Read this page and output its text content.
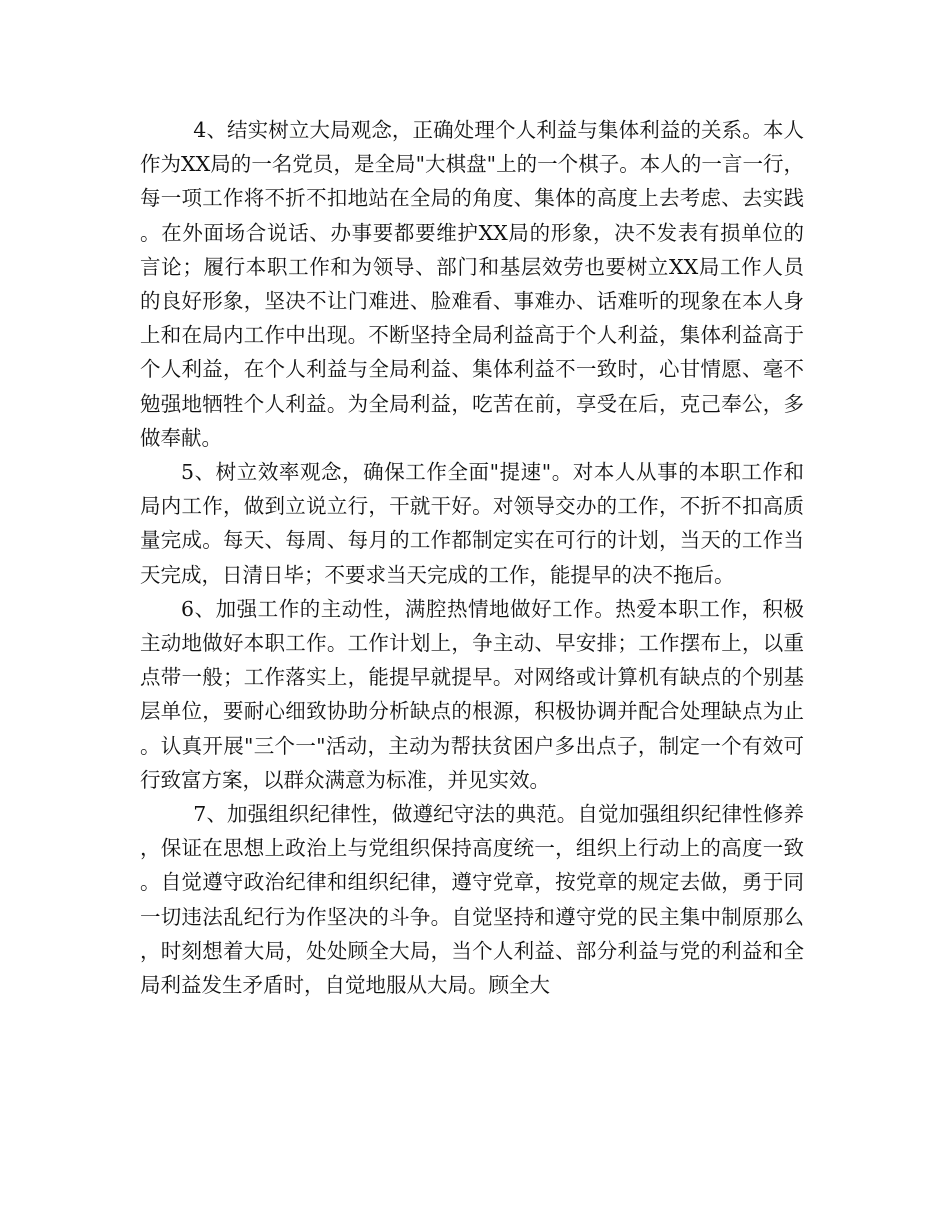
4、结实树立大局观念，正确处理个人利益与集体利益的关系。本人作为XX局的一名党员，是全局"大棋盘"上的一个棋子。本人的一言一行，每一项工作将不折不扣地站在全局的角度、集体的高度上去考虑、去实践。在外面场合说话、办事要都要维护XX局的形象，决不发表有损单位的言论；履行本职工作和为领导、部门和基层效劳也要树立XX局工作人员的良好形象，坚决不让门难进、脸难看、事难办、话难听的现象在本人身上和在局内工作中出现。不断坚持全局利益高于个人利益，集体利益高于个人利益，在个人利益与全局利益、集体利益不一致时，心甘情愿、毫不勉强地牺牲个人利益。为全局利益，吃苦在前，享受在后，克己奉公，多做奉献。

5、树立效率观念，确保工作全面"提速"。对本人从事的本职工作和局内工作，做到立说立行，干就干好。对领导交办的工作，不折不扣高质量完成。每天、每周、每月的工作都制定实在可行的计划，当天的工作当天完成，日清日毕；不要求当天完成的工作，能提早的决不拖后。

6、加强工作的主动性，满腔热情地做好工作。热爱本职工作，积极主动地做好本职工作。工作计划上，争主动、早安排；工作摆布上，以重点带一般；工作落实上，能提早就提早。对网络或计算机有缺点的个别基层单位，要耐心细致协助分析缺点的根源，积极协调并配合处理缺点为止。认真开展"三个一"活动，主动为帮扶贫困户多出点子，制定一个有效可行致富方案，以群众满意为标准，并见实效。

7、加强组织纪律性，做遵纪守法的典范。自觉加强组织纪律性修养，保证在思想上政治上与党组织保持高度统一，组织上行动上的高度一致。自觉遵守政治纪律和组织纪律，遵守党章，按党章的规定去做，勇于同一切违法乱纪行为作坚决的斗争。自觉坚持和遵守党的民主集中制原那么，时刻想着大局，处处顾全大局，当个人利益、部分利益与党的利益和全局利益发生矛盾时，自觉地服从大局。顾全大
